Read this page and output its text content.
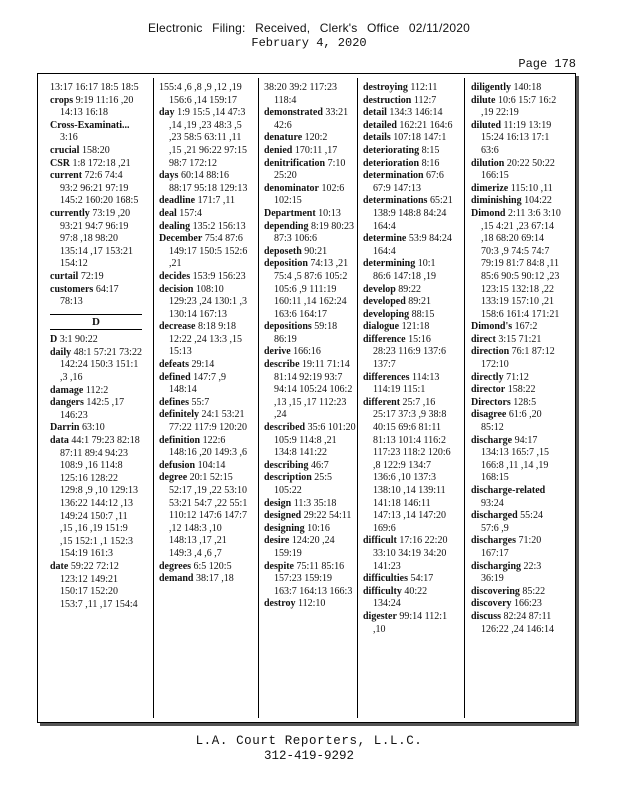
Electronic Filing: Received, Clerk's Office 02/11/2020
February 4, 2020
Page 178
13:17 16:17 18:5 18:5
crops 9:19 11:16 ,20 14:13 16:18
Cross-Examinati... 3:16
crucial 158:20
CSR 1:8 172:18 ,21
current 72:6 74:4 93:2 96:21 97:19 145:2 160:20 168:5
currently 73:19 ,20 93:21 94:7 96:19 97:8 ,18 98:20 135:14 ,17 153:21 154:12
curtail 72:19
customers 64:17 78:13
D
D 3:1 90:22
daily 48:1 57:21 73:22 142:24 150:3 151:1 ,3 ,16
damage 112:2
dangers 142:5 ,17 146:23
Darrin 63:10
data 44:1 79:23 82:18 87:11 89:4 94:23 108:9 ,16 114:8 125:16 128:22 129:8 ,9 ,10 129:13 136:22 144:12 ,13 149:24 150:7 ,11 ,15 ,16 ,19 151:9 ,15 152:1 ,1 152:3 154:19 161:3
date 59:22 72:12 123:12 149:21 150:17 152:20 153:7 ,11 ,17 154:4
155:4 ,6 ,8 ,9 ,12 ,19 156:6 ,14 159:17
day 1:9 15:5 ,14 47:3 ,14 ,19 ,23 48:3 ,5 ,23 58:5 63:11 ,11 ,15 ,21 96:22 97:15 98:7 172:12
days 60:14 88:16 88:17 95:18 129:13
deadline 171:7 ,11
deal 157:4
dealing 135:2 156:13
December 75:4 87:6 149:17 150:5 152:6 ,21
decides 153:9 156:23
decision 108:10 129:23 ,24 130:1 ,3 130:14 167:13
decrease 8:18 9:18 12:22 ,24 13:3 ,15 15:13
defeats 29:14
defined 147:7 ,9 148:14
defines 55:7
definitely 24:1 53:21 77:22 117:9 120:20
definition 122:6 148:16 ,20 149:3 ,6
defusion 104:14
degree 20:1 52:15 52:17 ,19 ,22 53:10 53:21 54:7 ,22 55:1 110:12 147:6 147:7 ,12 148:3 ,10 148:13 ,17 ,21 149:3 ,4 ,6 ,7
degrees 6:5 120:5
demand 38:17 ,18
38:20 39:2 117:23 118:4
demonstrated 33:21 42:6
denature 120:2
denied 170:11 ,17
denitrification 7:10 25:20
denominator 102:6 102:15
Department 10:13
depending 8:19 80:23 87:3 106:6
deposeth 90:21
deposition 74:13 ,21 75:4 ,5 87:6 105:2 105:6 ,9 111:19 160:11 ,14 162:24 163:6 164:17
depositions 59:18 86:19
derive 166:16
describe 19:11 71:14 81:14 92:19 93:7 94:14 105:24 106:2 ,13 ,15 ,17 112:23 ,24
described 35:6 101:20 105:9 114:8 ,21 134:8 141:22
describing 46:7
description 25:5 105:22
design 11:3 35:18
designed 29:22 54:11
designing 10:16
desire 124:20 ,24 159:19
despite 75:11 85:16 157:23 159:19 163:7 164:13 166:3
destroy 112:10
destroying 112:11
destruction 112:7
detail 134:3 146:14
detailed 162:21 164:6
details 107:18 147:1
deteriorating 8:15
deterioration 8:16
determination 67:6 67:9 147:13
determinations 65:21 138:9 148:8 84:24 164:4
determine 53:9 84:24 164:4
determining 10:1 86:6 147:18 ,19
develop 89:22
developed 89:21
developing 88:15
dialogue 121:18
difference 15:16 28:23 116:9 137:6 137:7
differences 114:13 114:19 115:1
different 25:7 ,16 25:17 37:3 ,9 38:8 40:15 69:6 81:11 81:13 101:4 116:2 117:23 118:2 120:6 ,8 122:9 134:7 136:6 ,10 137:3 138:10 ,14 139:11 141:18 146:11 147:13 ,14 147:20 169:6
difficult 17:16 22:20 33:10 34:19 34:20 141:23
difficulties 54:17
difficulty 40:22 134:24
digester 99:14 112:1 ,10
diligently 140:18
dilute 10:6 15:7 16:2 ,19 22:19
diluted 11:19 13:19 15:24 16:13 17:1 63:6
dilution 20:22 50:22 166:15
dimerize 115:10 ,11
diminishing 104:22
Dimond 2:11 3:6 3:10 ,15 4:21 ,23 67:14 ,18 68:20 69:14 70:3 ,9 74:5 74:7 79:19 81:7 84:8 ,11 85:6 90:5 90:12 ,23 123:15 132:18 ,22 133:19 157:10 ,21 158:6 161:4 171:21
Dimond's 167:2
direct 3:15 71:21
direction 76:1 87:12 172:10
directly 71:12
director 158:22
Directors 128:5
disagree 61:6 ,20 85:12
discharge 94:17 134:13 165:7 ,15 166:8 ,11 ,14 ,19 168:15
discharge-related 93:24
discharged 55:24 57:6 ,9
discharges 71:20 167:17
discharging 22:3 36:19
discovering 85:22
discovery 166:23
discuss 82:24 87:11 126:22 ,24 146:14
L.A. Court Reporters, L.L.C.
312-419-9292
